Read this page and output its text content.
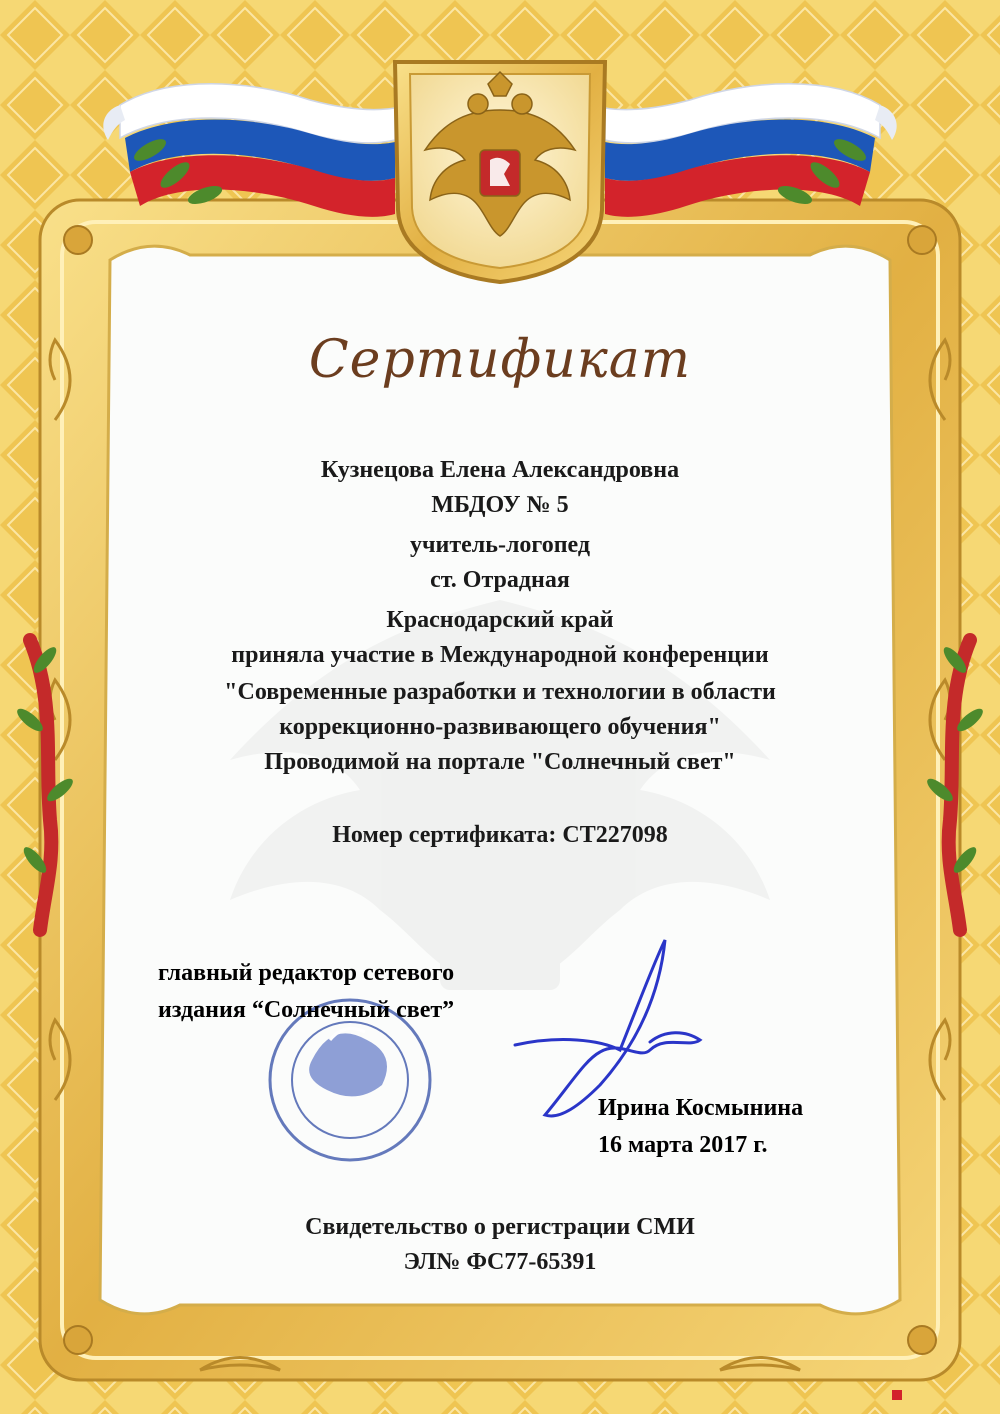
Сертификат
Кузнецова Елена Александровна
МБДОУ № 5
учитель-логопед
ст. Отрадная
Краснодарский край
приняла участие в Международной конференции
"Современные разработки и технологии в области
коррекционно-развивающего обучения"
Проводимой на портале "Солнечный свет"
Номер сертификата: СТ227098
главный редактор сетевого
издания “Солнечный свет”
Ирина Космынина
16 марта 2017 г.
Свидетельство о регистрации СМИ
ЭЛ№ ФС77-65391
